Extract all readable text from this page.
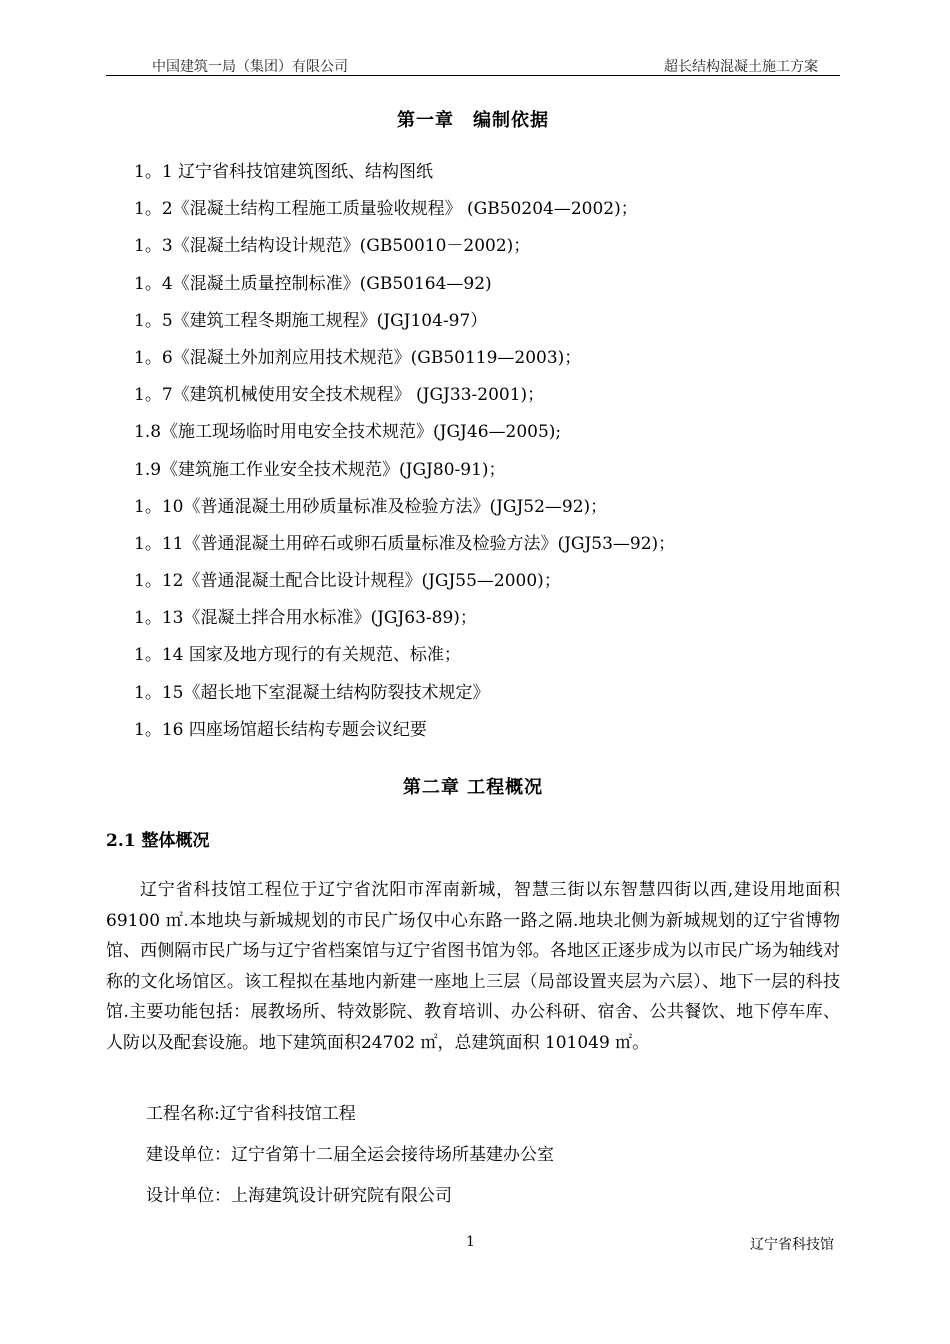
中国建筑一局（集团）有限公司	超长结构混凝土施工方案
第一章　编制依据
1。1 辽宁省科技馆建筑图纸、结构图纸
1。2《混凝土结构工程施工质量验收规程》 (GB50204—2002)；
1。3《混凝土结构设计规范》(GB50010－2002)；
1。4《混凝土质量控制标准》(GB50164—92)
1。5《建筑工程冬期施工规程》(JGJ104-97）
1。6《混凝土外加剂应用技术规范》(GB50119—2003)；
1。7《建筑机械使用安全技术规程》 (JGJ33-2001)；
1.8《施工现场临时用电安全技术规范》(JGJ46—2005);
1.9《建筑施工作业安全技术规范》(JGJ80-91)；
1。10《普通混凝土用砂质量标准及检验方法》(JGJ52—92)；
1。11《普通混凝土用碎石或卵石质量标准及检验方法》(JGJ53—92)；
1。12《普通混凝土配合比设计规程》(JGJ55—2000)；
1。13《混凝土拌合用水标准》(JGJ63-89)；
1。14 国家及地方现行的有关规范、标准；
1。15《超长地下室混凝土结构防裂技术规定》
1。16 四座场馆超长结构专题会议纪要
第二章 工程概况
2.1 整体概况

辽宁省科技馆工程位于辽宁省沈阳市浑南新城，智慧三街以东智慧四街以西,建设用地面积 69100 ㎡.本地块与新城规划的市民广场仅中心东路一路之隔.地块北侧为新城规划的辽宁省博物馆、西侧隔市民广场与辽宁省档案馆与辽宁省图书馆为邻。各地区正逐步成为以市民广场为轴线对称的文化场馆区。该工程拟在基地内新建一座地上三层（局部设置夹层为六层）、地下一层的科技馆.主要功能包括：展教场所、特效影院、教育培训、办公科研、宿舍、公共餐饮、地下停车库、人防以及配套设施。地下建筑面积24702 ㎡，总建筑面积 101049 ㎡。

工程名称:辽宁省科技馆工程
建设单位：辽宁省第十二届全运会接待场所基建办公室
设计单位：上海建筑设计研究院有限公司
1	辽宁省科技馆
